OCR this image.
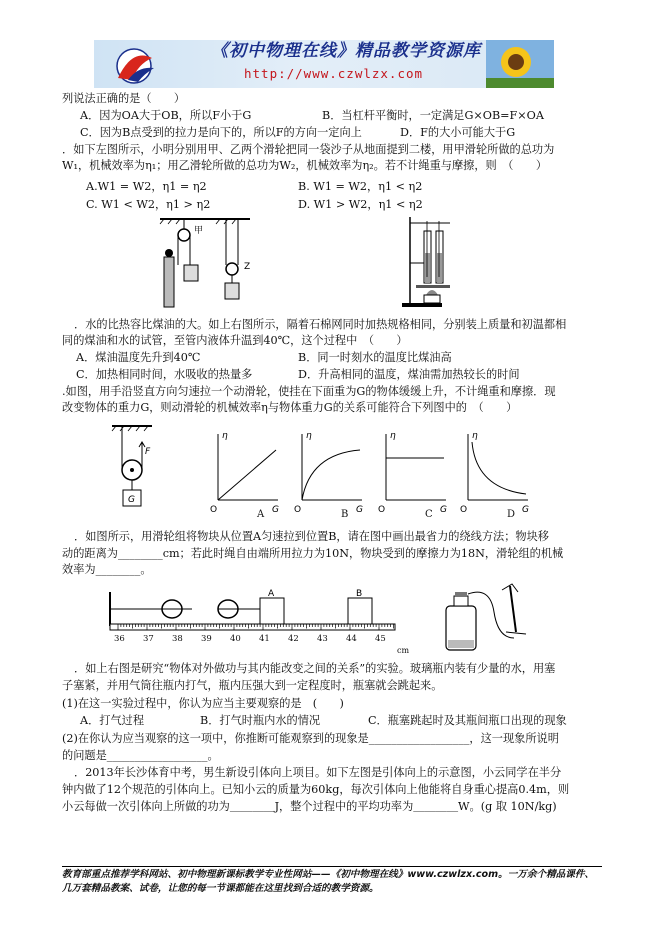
《初中物理在线》精品教学资源库
http://www.czwlzx.com
列说法正确的是（　　）
A．因为OA大于OB，所以F小于G	B．当杠杆平衡时，一定满足G×OB=F×OA
C．因为B点受到的拉力是向下的，所以F的方向一定向上	D．F的大小可能大于G
．如下左图所示，小明分别用甲、乙两个滑轮把同一袋沙子从地面提到二楼，用甲滑轮所做的总功为
W₁，机械效率为η₁；用乙滑轮所做的总功为W₂，机械效率为η₂。若不计绳重与摩擦，则　（　　）
A.W1 = W2，η1 = η2	B. W1 = W2，η1 < η2
C. W1 < W2，η1 > η2	D. W1 > W2，η1 < η2
甲
Z
．水的比热容比煤油的大。如上右图所示，隔着石棉网同时加热规格相同，分别装上质量和初温都相
同的煤油和水的试管，至管内液体升温到40℃，这个过程中　（　　）
A．煤油温度先升到40℃	B．同一时刻水的温度比煤油高
C．加热相同时间，水吸收的热量多	D．升高相同的温度，煤油需加热较长的时间
.如图，用手沿竖直方向匀速拉一个动滑轮，使挂在下面重为G的物体缓缓上升，不计绳重和摩擦．现
改变物体的重力G，则动滑轮的机械效率η与物体重力G的关系可能符合下列图中的　（　　）
F
G
O	O	O	O
η	η	η	η
G	G	G	G
A	B	C	D
．如图所示，用滑轮组将物块从位置A匀速拉到位置B，请在图中画出最省力的绕线方法；物块移
动的距离为________cm；若此时绳自由端所用拉力为10N，物块受到的摩擦力为18N，滑轮组的机械
效率为________。
A	B
36 37 38 39 40 41 42 43 44 45
cm
．如上右图是研究“物体对外做功与其内能改变之间的关系”的实验。玻璃瓶内装有少量的水，用塞
子塞紧，并用气筒往瓶内打气，瓶内压强大到一定程度时，瓶塞就会跳起来。
(1)在这一实验过程中，你认为应当主要观察的是　(　　)
A．打气过程	B．打气时瓶内水的情况	C．瓶塞跳起时及其瓶间瓶口出现的现象
(2)在你认为应当观察的这一项中，你推断可能观察到的现象是__________________，这一现象所说明
的问题是__________________。
．2013年长沙体育中考，男生新设引体向上项目。如下左图是引体向上的示意图，小云同学在半分
钟内做了12个规范的引体向上。已知小云的质量为60kg，每次引体向上他能将自身重心提高0.4m，则
小云每做一次引体向上所做的功为＿＿＿＿J，整个过程中的平均功率为＿＿＿＿W。(g 取 10N/kg)
教育部重点推荐学科网站、初中物理新课标教学专业性网站——《初中物理在线》www.czwlzx.com。一万余个精品课件、
几万套精品教案、试卷，让您的每一节课都能在这里找到合适的教学资源。
